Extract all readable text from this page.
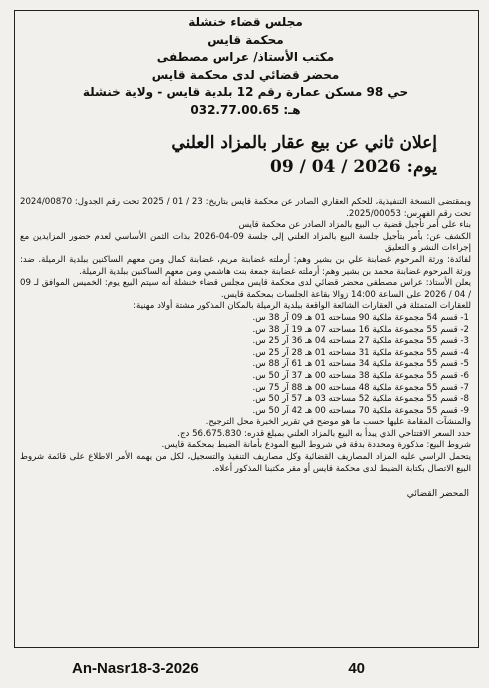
مجلس قضاء خنشلة
محكمة قايس
مكتب الأستاذ/ عراس مصطفى
محضر قضائي لدى محكمة قايس
حي 98 مسكن عمارة رقم 12 بلدية قايس - ولاية خنشلة
هـ: 032.77.00.65
إعلان ثاني عن بيع عقار بالمزاد العلني
يوم: 09 / 04 / 2026

وبمقتضى النسخة التنفيذية، للحكم العقاري الصادر عن محكمة قايس بتاريخ: 23 / 01 / 2025 تحت رقم الجدول: 2024/00870 تحت رقم الفهرس: 2025/00053.

بناء على أمر تأجيل قضية ب البيع بالمزاد الصادر عن محكمة قايس

الكشف عن: بأمر بتأجيل جلسة البيع بالمزاد العلني إلى جلسة 09-04-2026 بذات الثمن الأساسي لعدم حضور المزايدين مع إجراءات النشر و التعليق

لفائدة: ورثة المرحوم غضابنة علي بن بشير وهم: أرملته غضابنة مريم، غضابنة كمال ومن معهم الساكنين ببلدية الرميلة. ضد: ورثة المرحوم غضابنة محمد بن بشير وهم: أرملته غضابنة جمعة بنت هاشمي ومن معهم الساكنين ببلدية الرميلة.

يعلن الأستاذ: عراس مصطفى محضر قضائي لدى محكمة قايس مجلس قضاء خنشلة أنه سيتم البيع يوم: الخميس الموافق لـ 09 / 04 / 2026 على الساعة 14:00 زوالا بقاعة الجلسات بمحكمة قايس.

للعقارات المتمثلة في العقارات الشائعة الواقعة ببلدية الرميلة بالمكان المذكور مشتة أولاد مهنية:

1- قسم 54 مجموعة ملكية 90 مساحته 01 هـ 09 آر 38 س.

2- قسم 55 مجموعة ملكية 16 مساحته 07 هـ 19 آر 38 س.

3- قسم 55 مجموعة ملكية 27 مساحته 04 هـ 36 آر 25 س.

4- قسم 55 مجموعة ملكية 31 مساحته 01 هـ 28 آر 25 س.

5- قسم 55 مجموعة ملكية 34 مساحته 01 هـ 61 آر 88 س.

6- قسم 55 مجموعة ملكية 38 مساحته 00 هـ 37 آر 50 س.

7- قسم 55 مجموعة ملكية 48 مساحته 00 هـ 88 آر 75 س.

8- قسم 55 مجموعة ملكية 52 مساحته 03 هـ 57 آر 50 س.

9- قسم 55 مجموعة ملكية 70 مساحته 00 هـ 42 آر 50 س.

والمنشآت المقامة عليها حسب ما هو موضح في تقرير الخبرة محل الترجيح.

حدد السعر الافتتاحي الذي يبدأ به البيع بالمزاد العلني بمبلغ قدره: 56.675.830 دج.

شروط البيع: مذكورة ومحددة بدقة في شروط البيع المودع بأمانة الضبط بمحكمة قايس.

يتحمل الراسي عليه المزاد المصاريف القضائية وكل مصاريف التنفيذ والتسجيل، لكل من يهمه الأمر الاطلاع على قائمة شروط البيع الاتصال بكتابة الضبط لدى محكمة قايس أو مقر مكتبنا المذكور أعلاه.

المحضر القضائي
An-Nasr18-3-2026	40
